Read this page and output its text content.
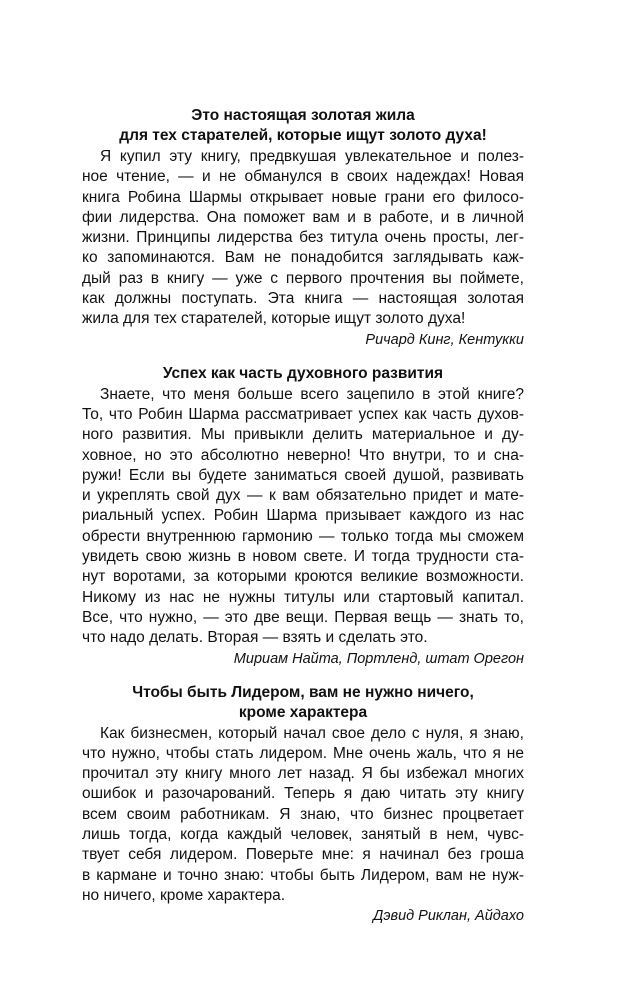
Это настоящая золотая жила
для тех старателей, которые ищут золото духа!

Я купил эту книгу, предвкушая увлекательное и полез-
ное чтение, — и не обманулся в своих надеждах! Новая
книга Робина Шармы открывает новые грани его филосо-
фии лидерства. Она поможет вам и в работе, и в личной
жизни. Принципы лидерства без титула очень просты, лег-
ко запоминаются. Вам не понадобится заглядывать каж-
дый раз в книгу — уже с первого прочтения вы поймете,
как должны поступать. Эта книга — настоящая золотая
жила для тех старателей, которые ищут золото духа!

Ричард Кинг, Кентукки

Успех как часть духовного развития

Знаете, что меня больше всего зацепило в этой книге?
То, что Робин Шарма рассматривает успех как часть духов-
ного развития. Мы привыкли делить материальное и ду-
ховное, но это абсолютно неверно! Что внутри, то и сна-
ружи! Если вы будете заниматься своей душой, развивать
и укреплять свой дух — к вам обязательно придет и мате-
риальный успех. Робин Шарма призывает каждого из нас
обрести внутреннюю гармонию — только тогда мы сможем
увидеть свою жизнь в новом свете. И тогда трудности ста-
нут воротами, за которыми кроются великие возможности.
Никому из нас не нужны титулы или стартовый капитал.
Все, что нужно, — это две вещи. Первая вещь — знать то,
что надо делать. Вторая — взять и сделать это.

Мириам Найта, Портленд, штат Орегон

Чтобы быть Лидером, вам не нужно ничего,
кроме характера

Как бизнесмен, который начал свое дело с нуля, я знаю,
что нужно, чтобы стать лидером. Мне очень жаль, что я не
прочитал эту книгу много лет назад. Я бы избежал многих
ошибок и разочарований. Теперь я даю читать эту книгу
всем своим работникам. Я знаю, что бизнес процветает
лишь тогда, когда каждый человек, занятый в нем, чувс-
твует себя лидером. Поверьте мне: я начинал без гроша
в кармане и точно знаю: чтобы быть Лидером, вам не нуж-
но ничего, кроме характера.

Дэвид Риклан, Айдахо
